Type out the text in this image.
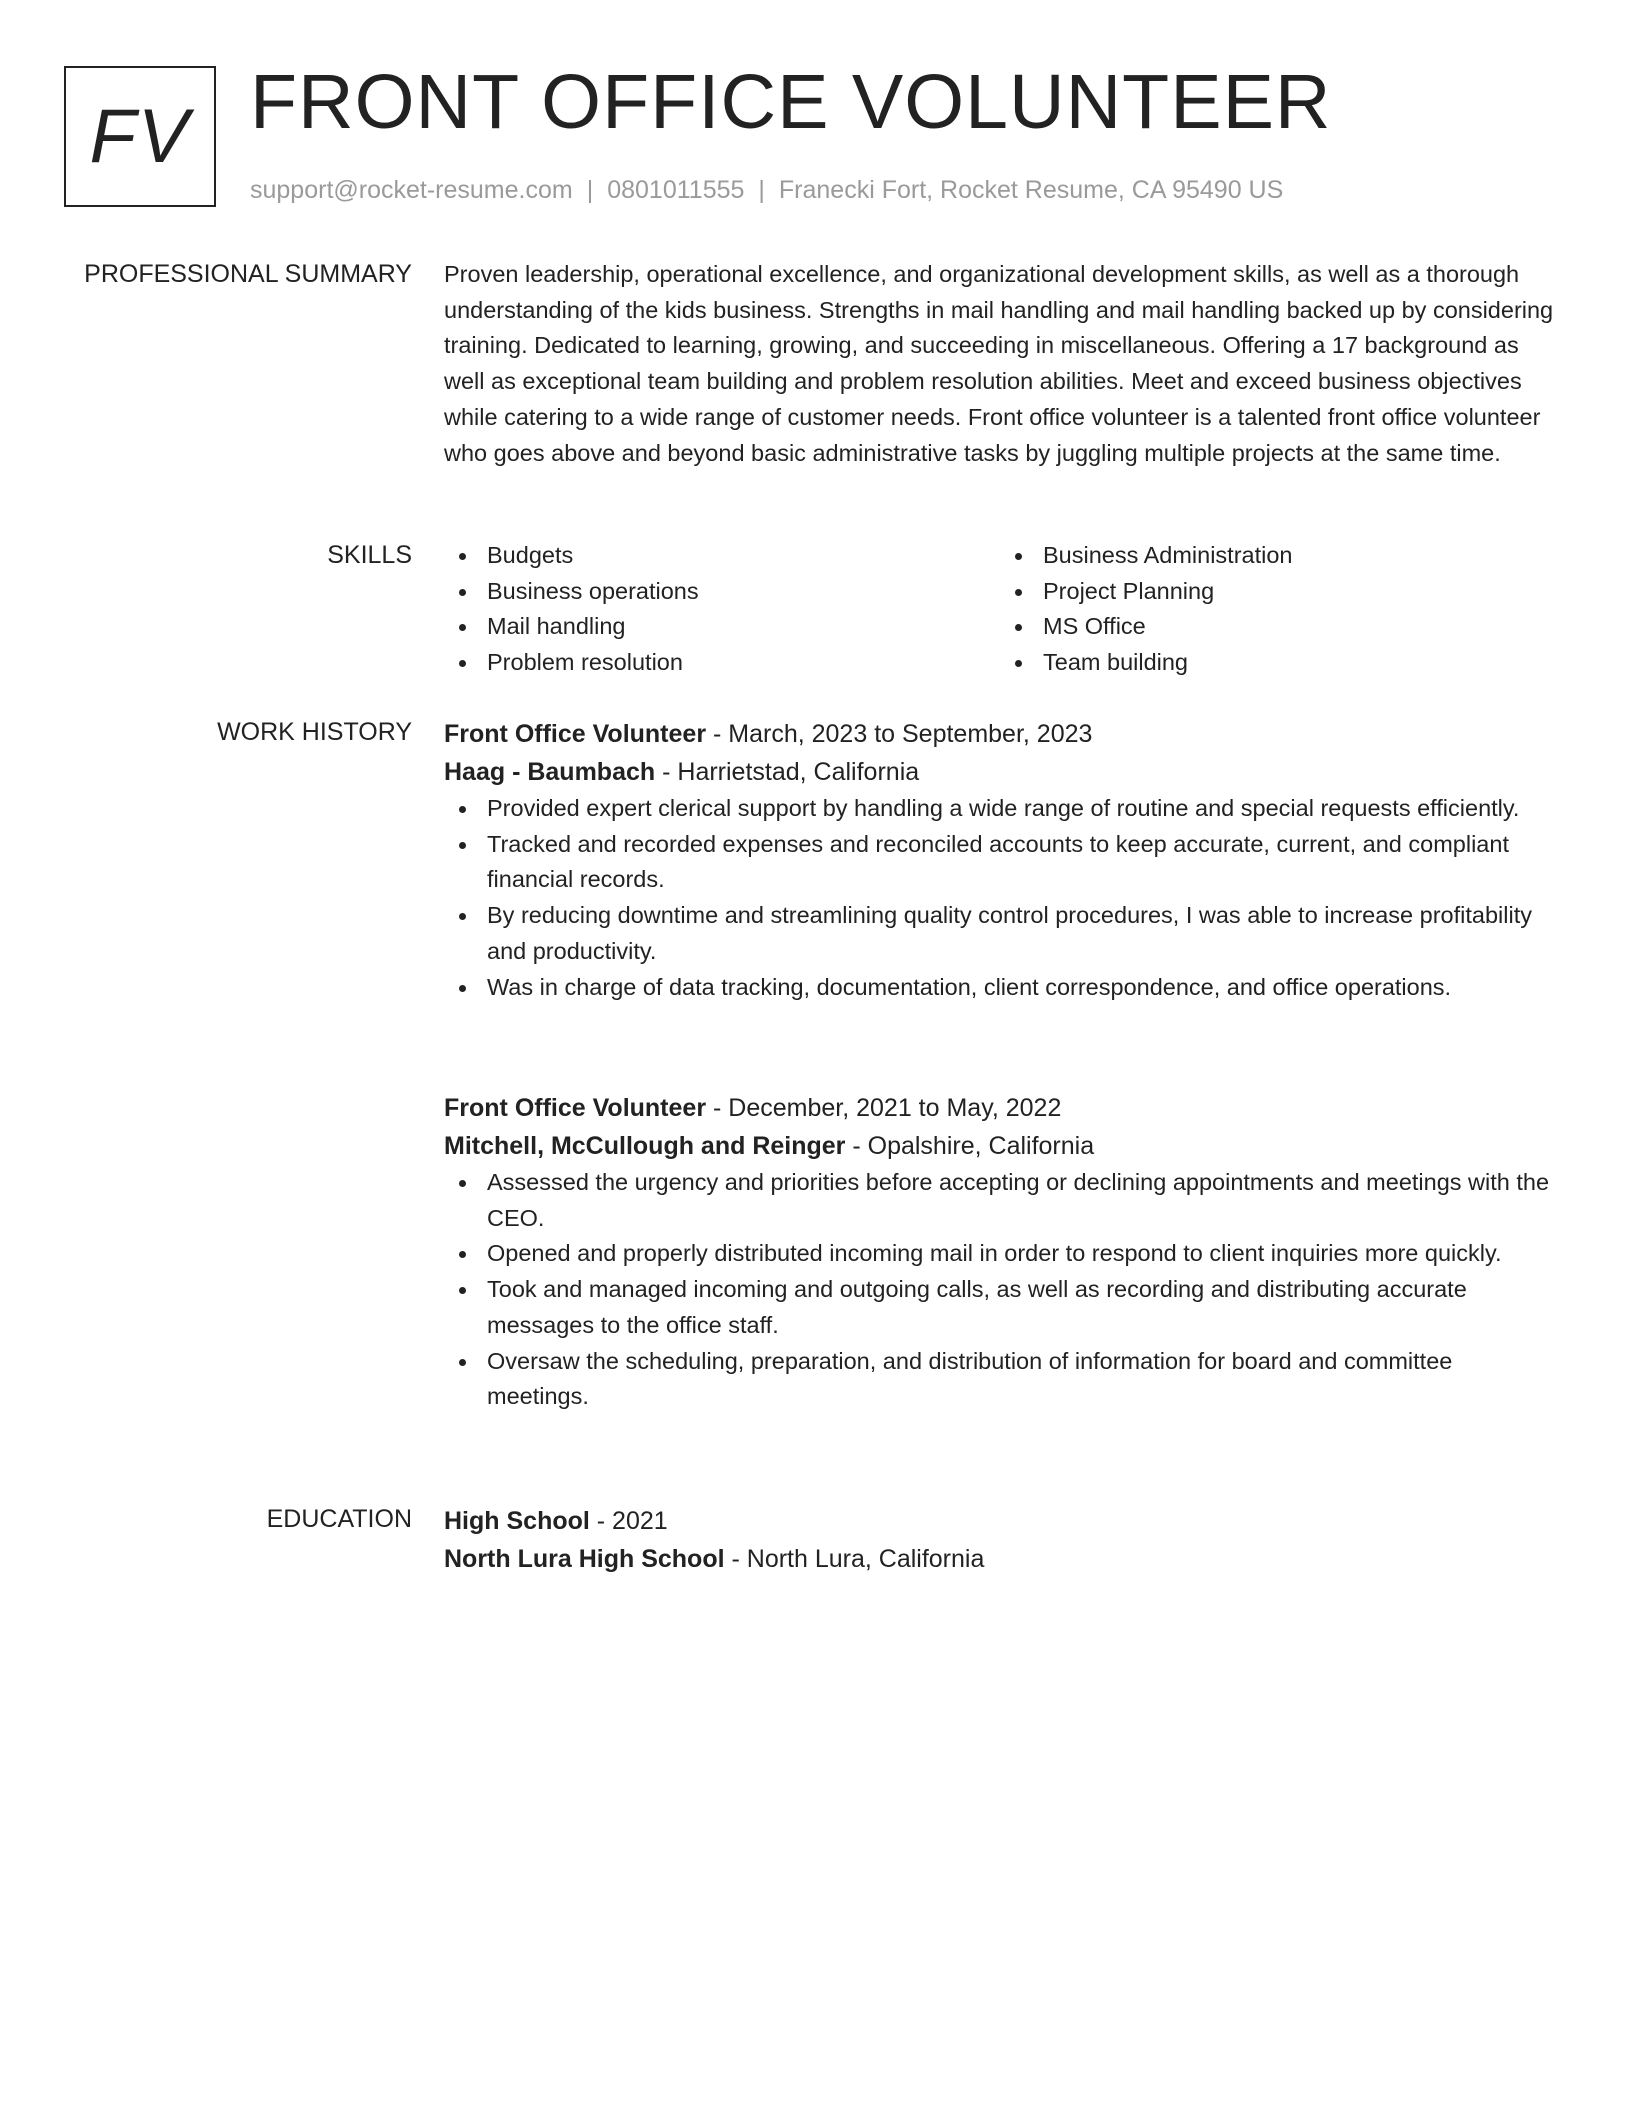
FV FRONT OFFICE VOLUNTEER
support@rocket-resume.com | 0801011555 | Franecki Fort, Rocket Resume, CA 95490 US
PROFESSIONAL SUMMARY Proven leadership, operational excellence, and organizational development skills, as well as a thorough understanding of the kids business. Strengths in mail handling and mail handling backed up by considering training. Dedicated to learning, growing, and succeeding in miscellaneous. Offering a 17 background as well as exceptional team building and problem resolution abilities. Meet and exceed business objectives while catering to a wide range of customer needs. Front office volunteer is a talented front office volunteer who goes above and beyond basic administrative tasks by juggling multiple projects at the same time.

SKILLS	Budgets
Business operations
Mail handling
Problem resolution
Business Administration
Project Planning
MS Office
Team building
WORK HISTORY Front Office Volunteer - March, 2023 to September, 2023
Haag - Baumbach - Harrietstad, California
Provided expert clerical support by handling a wide range of routine and special requests efficiently.
Tracked and recorded expenses and reconciled accounts to keep accurate, current, and compliant financial records.
By reducing downtime and streamlining quality control procedures, I was able to increase profitability and productivity.
Was in charge of data tracking, documentation, client correspondence, and office operations.
Front Office Volunteer - December, 2021 to May, 2022
Mitchell, McCullough and Reinger - Opalshire, California
Assessed the urgency and priorities before accepting or declining appointments and meetings with the CEO.
Opened and properly distributed incoming mail in order to respond to client inquiries more quickly.
Took and managed incoming and outgoing calls, as well as recording and distributing accurate messages to the office staff.
Oversaw the scheduling, preparation, and distribution of information for board and committee meetings.
EDUCATION High School - 2021
North Lura High School - North Lura, California
